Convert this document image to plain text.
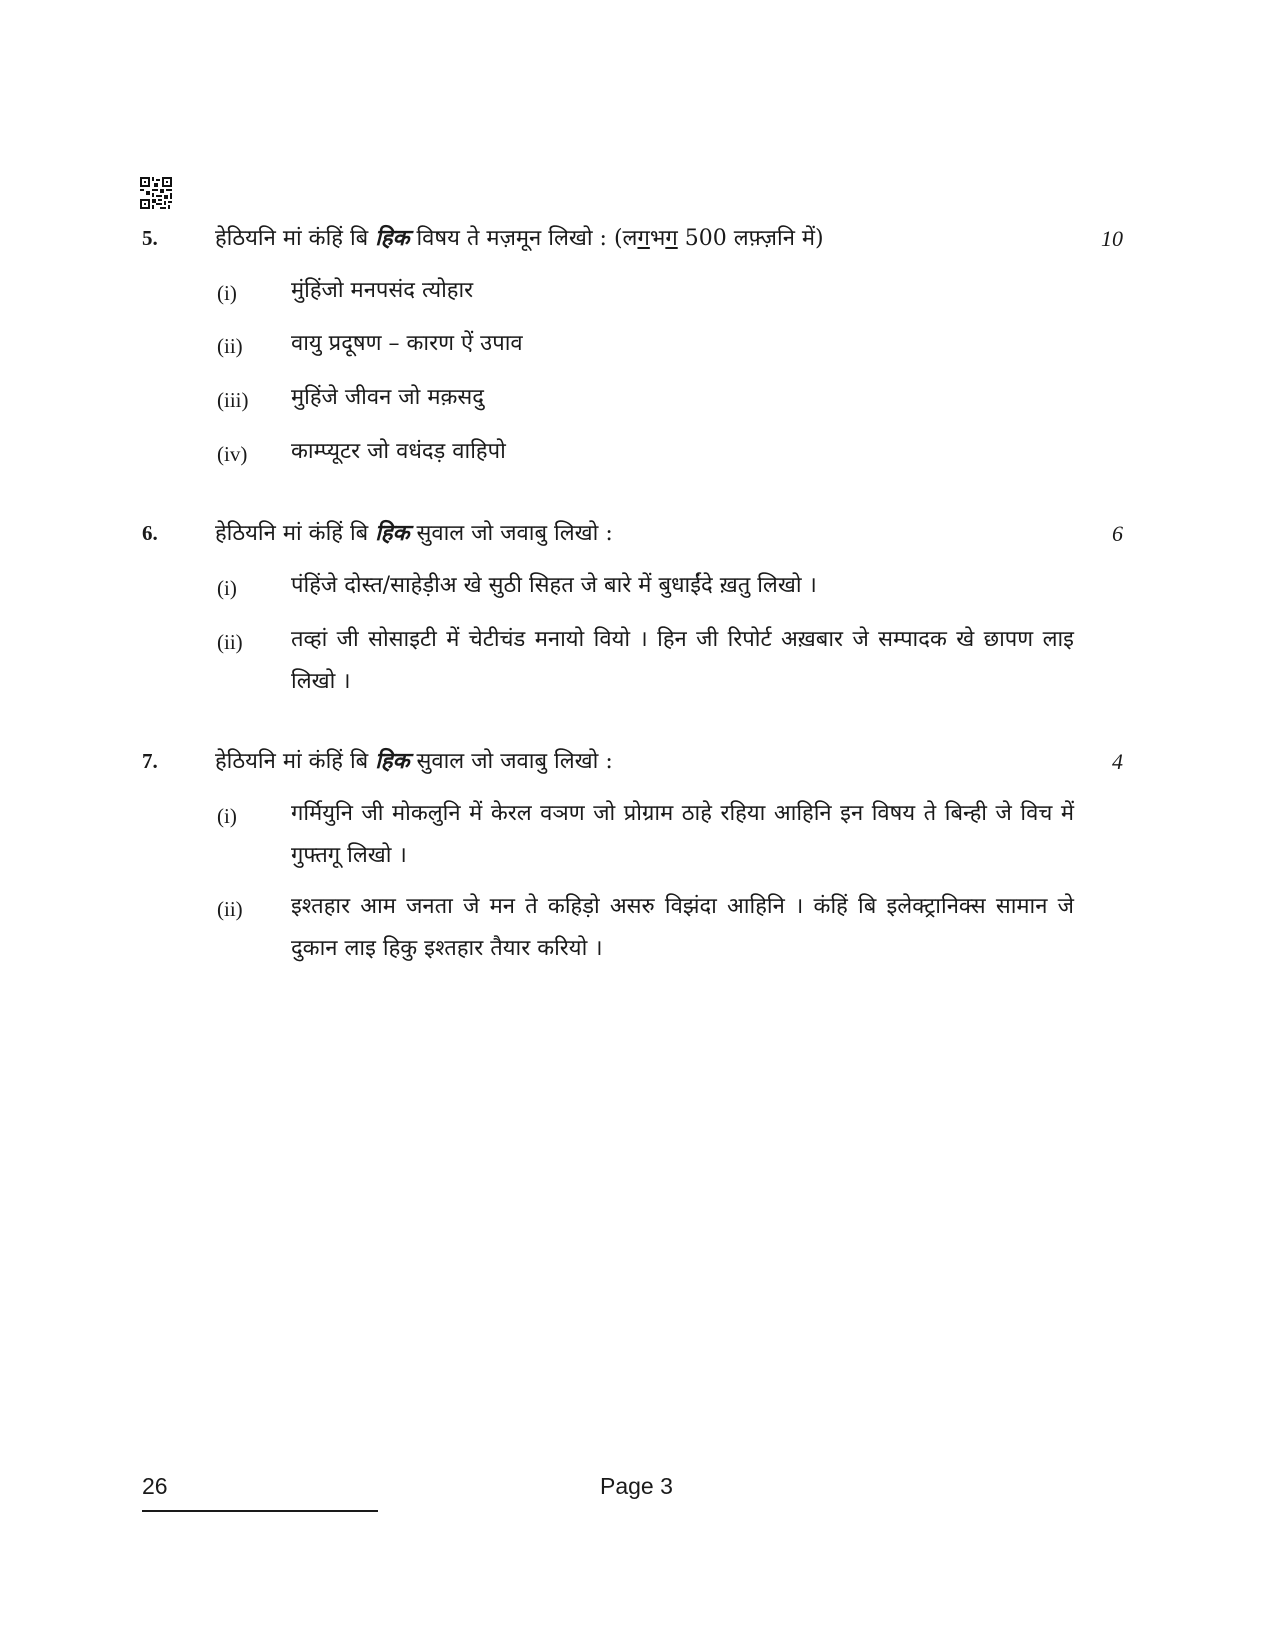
5.	हेठियनि मां कंहिं बि हिक विषय ते मज़मून लिखो : (लगभग 500 लफ़्ज़नि में)	10
(i) मुंहिंजो मनपसंद त्योहार
(ii) वायु प्रदूषण – कारण ऐं उपाव
(iii) मुहिंजे जीवन जो मक़सदु
(iv) काम्प्यूटर जो वधंदड़ वाहिपो
6.	हेठियनि मां कंहिं बि हिक सुवाल जो जवाबु लिखो :	6
(i) पंहिंजे दोस्त/साहेड़ीअ खे सुठी सिहत जे बारे में बुधाईंदे ख़तु लिखो ।
(ii) तव्हां जी सोसाइटी में चेटीचंड मनायो वियो । हिन जी रिपोर्ट अख़बार जे सम्पादक खे छापण लाइ लिखो ।
7.	हेठियनि मां कंहिं बि हिक सुवाल जो जवाबु लिखो :	4
(i) गर्मियुनि जी मोकलुनि में केरल वञण जो प्रोग्राम ठाहे रहिया आहिनि इन विषय ते बिन्ही जे विच में गुफ्तगू लिखो ।
(ii) इश्तहार आम जनता जे मन ते कहिड़ो असरु विझंदा आहिनि । कंहिं बि इलेक्ट्रानिक्स सामान जे दुकान लाइ हिकु इश्तहार तैयार करियो ।
26	Page 3
